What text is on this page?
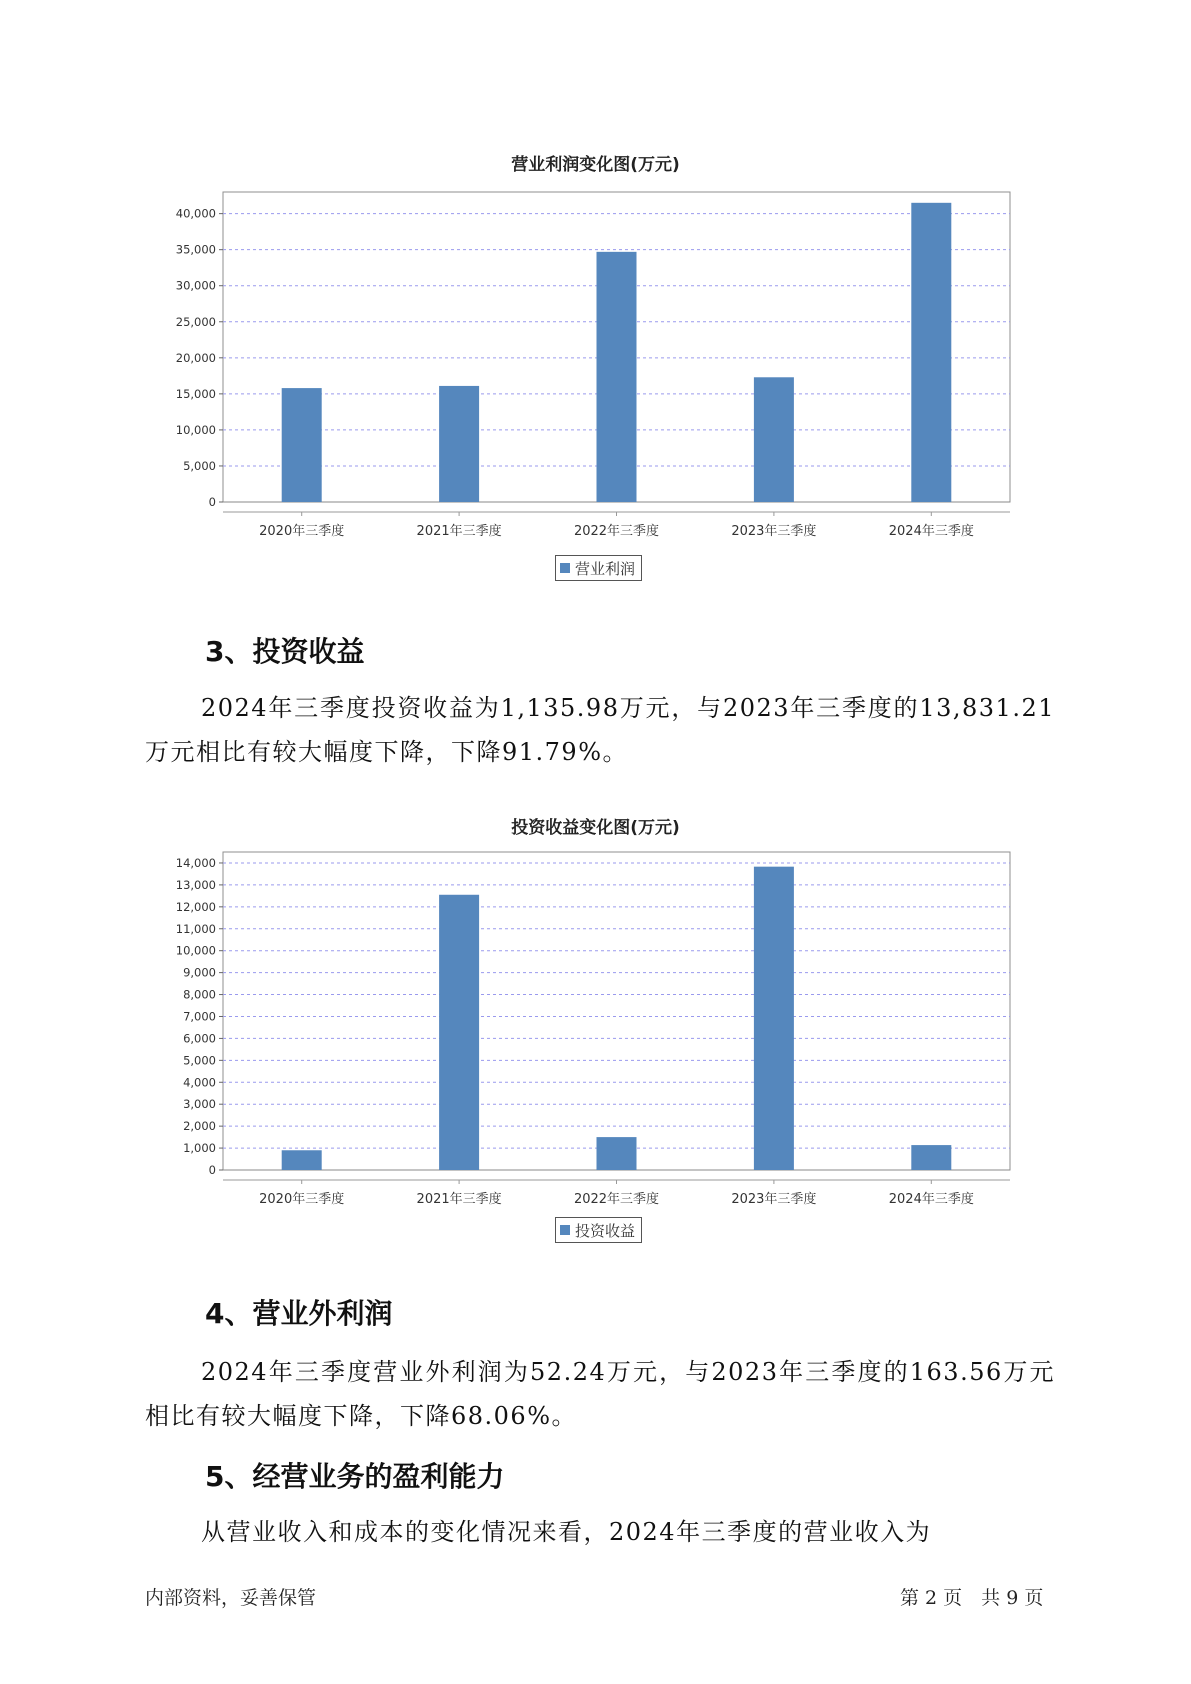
营业利润变化图(万元)
0
5,000
10,000
15,000
20,000
25,000
30,000
35,000
40,000
2020年三季度	2021年三季度	2022年三季度	2023年三季度	2024年三季度
营业利润
3、投资收益

2024年三季度投资收益为1,135.98万元，与2023年三季度的13,831.21万元相比有较大幅度下降，下降91.79%。

投资收益变化图(万元)
0
1,000
2,000
3,000
4,000
5,000
6,000
7,000
8,000
9,000
10,000
11,000
12,000
13,000
14,000
2020年三季度	2021年三季度	2022年三季度	2023年三季度	2024年三季度
投资收益
4、营业外利润

2024年三季度营业外利润为52.24万元，与2023年三季度的163.56万元相比有较大幅度下降，下降68.06%。

5、经营业务的盈利能力

从营业收入和成本的变化情况来看，2024年三季度的营业收入为

内部资料，妥善保管	第 2 页　共 9 页
